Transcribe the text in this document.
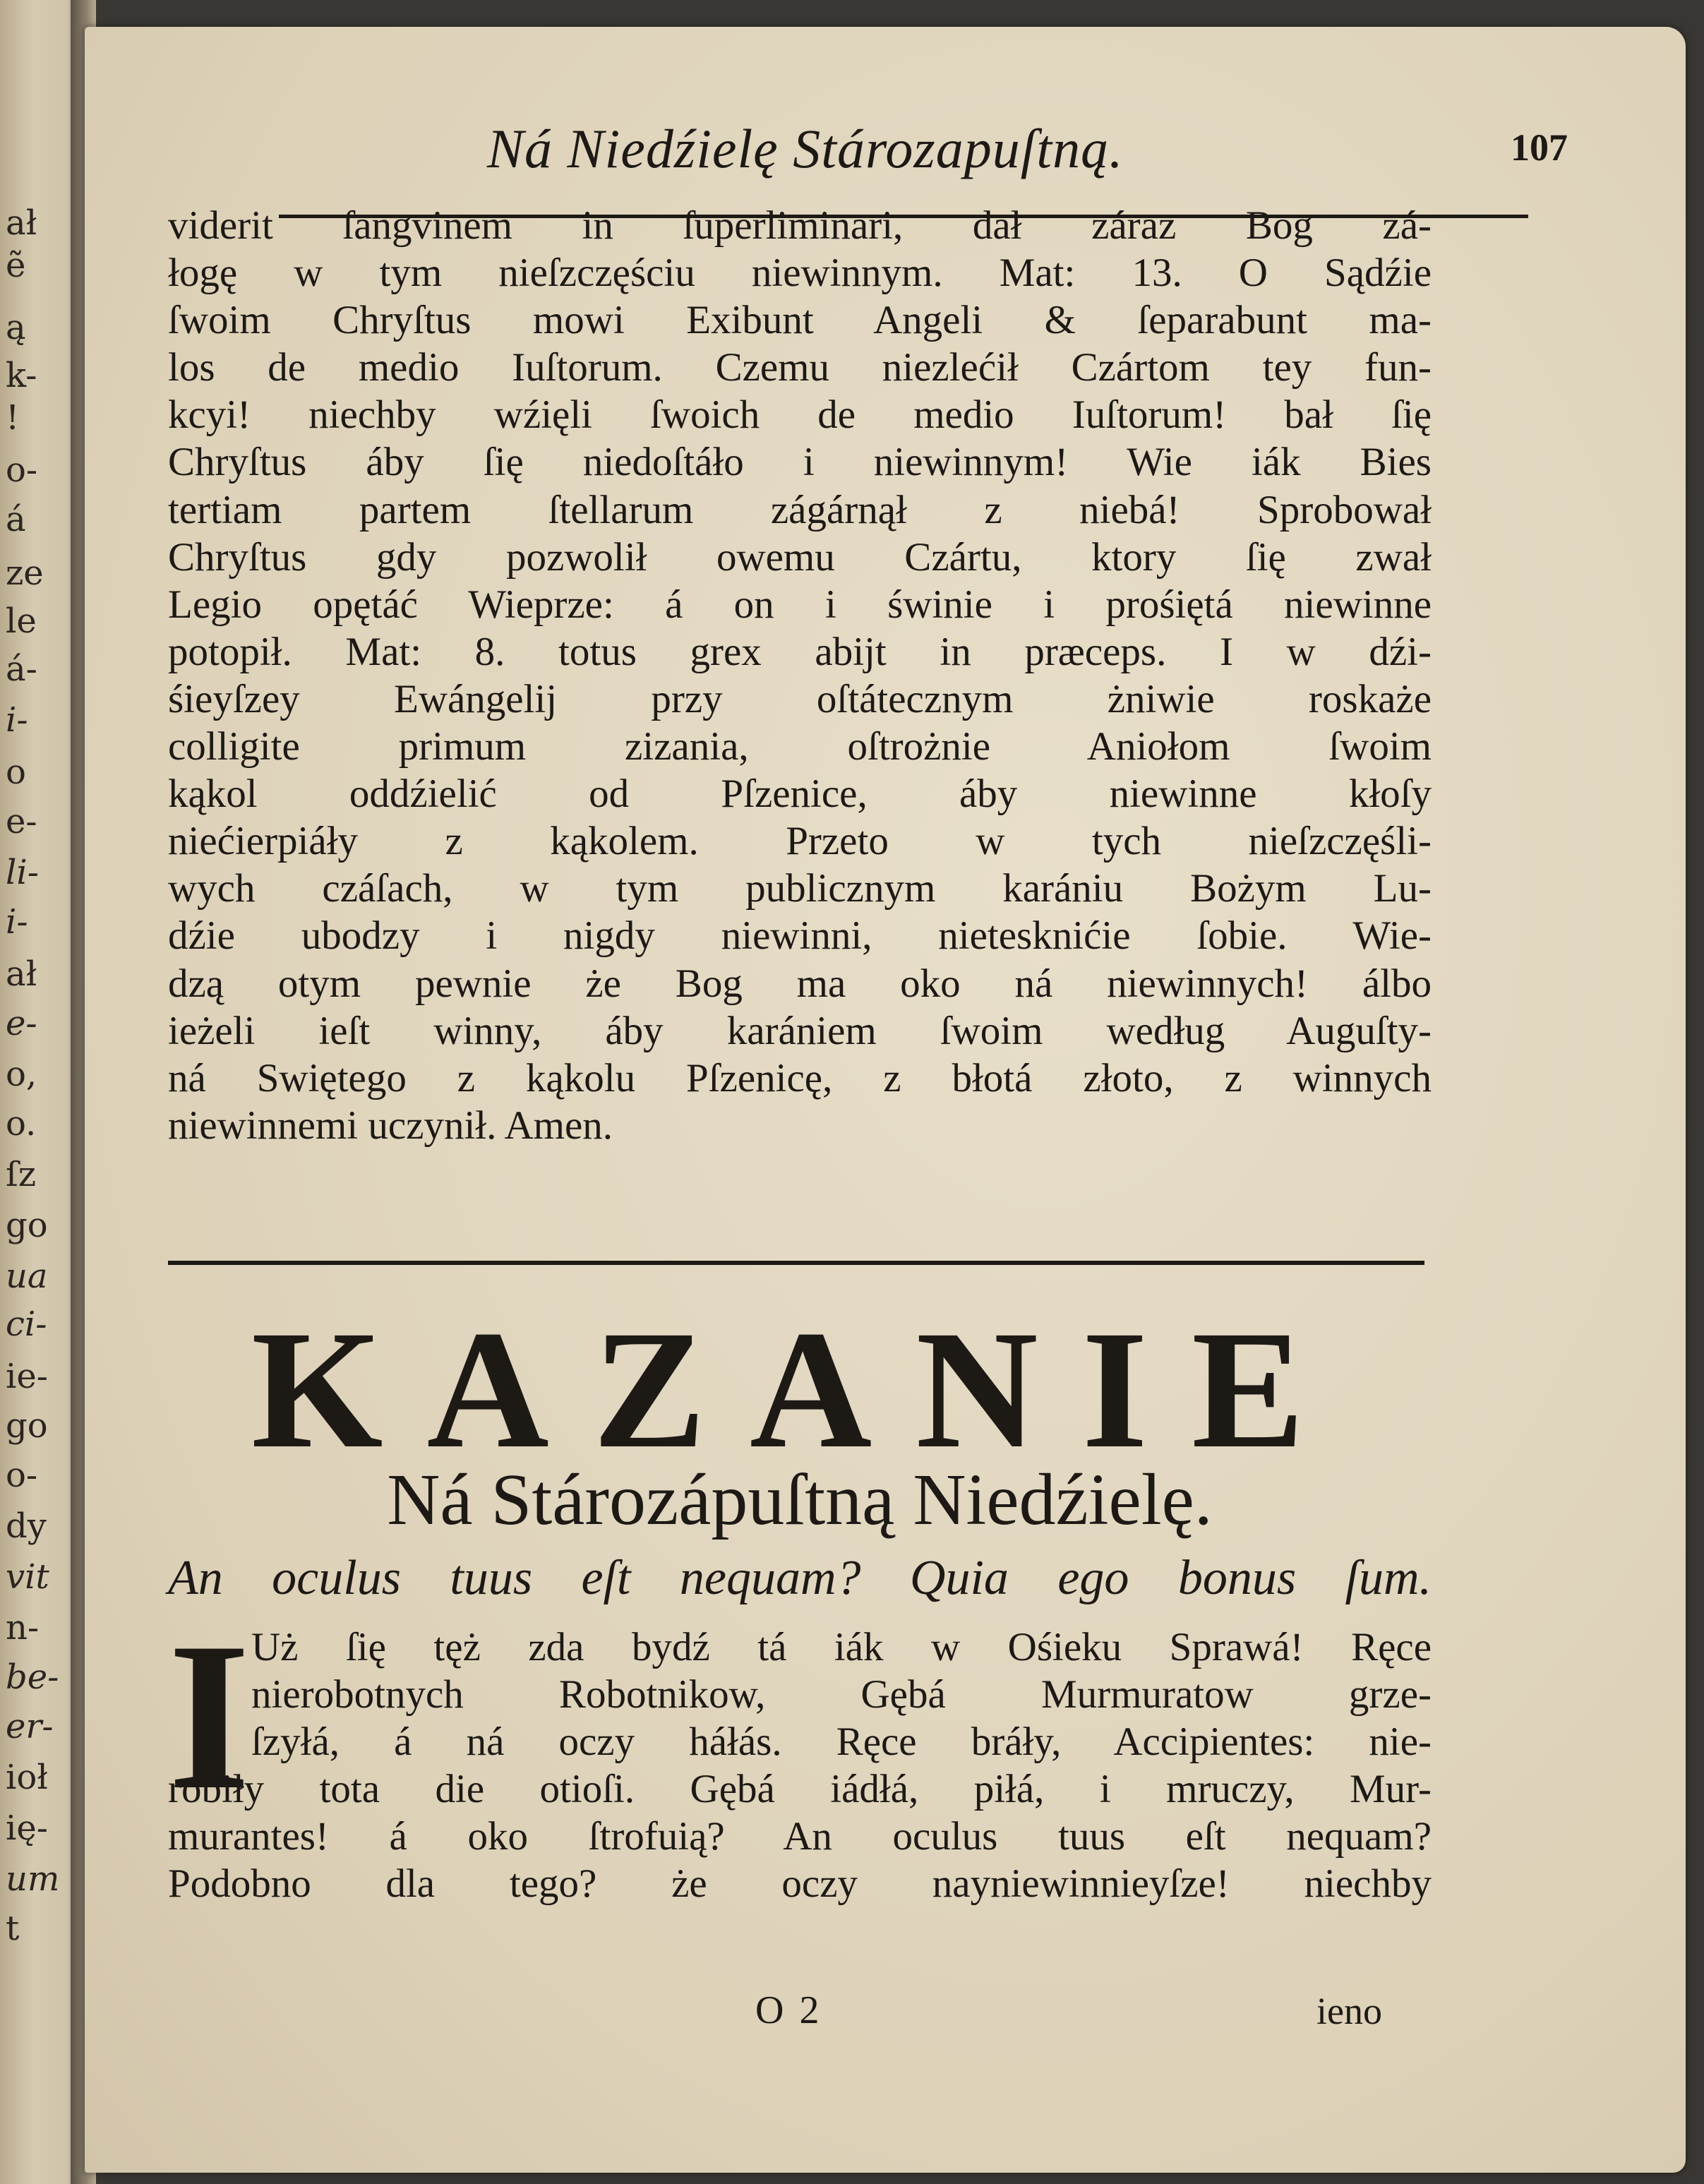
ał
ẽ
ą
k-
!
o-
á
ze
le
á-
i-
o
e-
li-
i-
ał
e-
o,
o.
ſz
go
ua
ci-
ie-
go
o-
dy
vit
n-
be-
er-
ioł
ię-
um
t
Ná Niedźielę Stározapuſtną.	107
viderit ſangvinem in ſuperliminari, dał záraz Bog zá-
łogę w tym nieſzczęściu niewinnym. Mat: 13. O Sądźie
ſwoim Chryſtus mowi Exibunt Angeli & ſeparabunt ma-
los de medio Iuſtorum. Czemu niezlećił Czártom tey fun-
kcyi! niechby wźięli ſwoich de medio Iuſtorum! bał ſię
Chryſtus áby ſię niedoſtáło i niewinnym! Wie iák Bies
tertiam partem ſtellarum zágárnął z niebá! Sprobował
Chryſtus gdy pozwolił owemu Czártu, ktory ſię zwał
Legio opętáć Wieprze: á on i świnie i prośiętá niewinne
potopił. Mat: 8. totus grex abijt in præceps. I w dźi-
śieyſzey Ewángelij przy oſtátecznym żniwie roskaże
colligite primum zizania, oſtrożnie Aniołom ſwoim
kąkol oddźielić od Pſzenice, áby niewinne kłoſy
niećierpiáły z kąkolem. Przeto w tych nieſzczęśli-
wych czáſach, w tym publicznym karániu Bożym Lu-
dźie ubodzy i nigdy niewinni, nietesknićie ſobie. Wie-
dzą otym pewnie że Bog ma oko ná niewinnych! álbo
ieżeli ieſt winny, áby karániem ſwoim według Auguſty-
ná Swiętego z kąkolu Pſzenicę, z błotá złoto, z winnych
niewinnemi uczynił. Amen.
KAZANIE
Ná Stározápuſtną Niedźielę.
An oculus tuus eſt nequam? Quia ego bonus ſum.
I Uż ſię tęż zda bydź tá iák w Ośieku Sprawá! Ręce
nierobotnych Robotnikow, Gębá Murmuratow grze-
ſzyłá, á ná oczy háłás. Ręce bráły, Accipientes: nie-
robiły tota die otioſi. Gębá iádłá, piłá, i mruczy, Mur-
murantes! á oko ſtrofuią? An oculus tuus eſt nequam?
Podobno dla tego? że oczy nayniewinnieyſze! niechby
O 2	ieno
